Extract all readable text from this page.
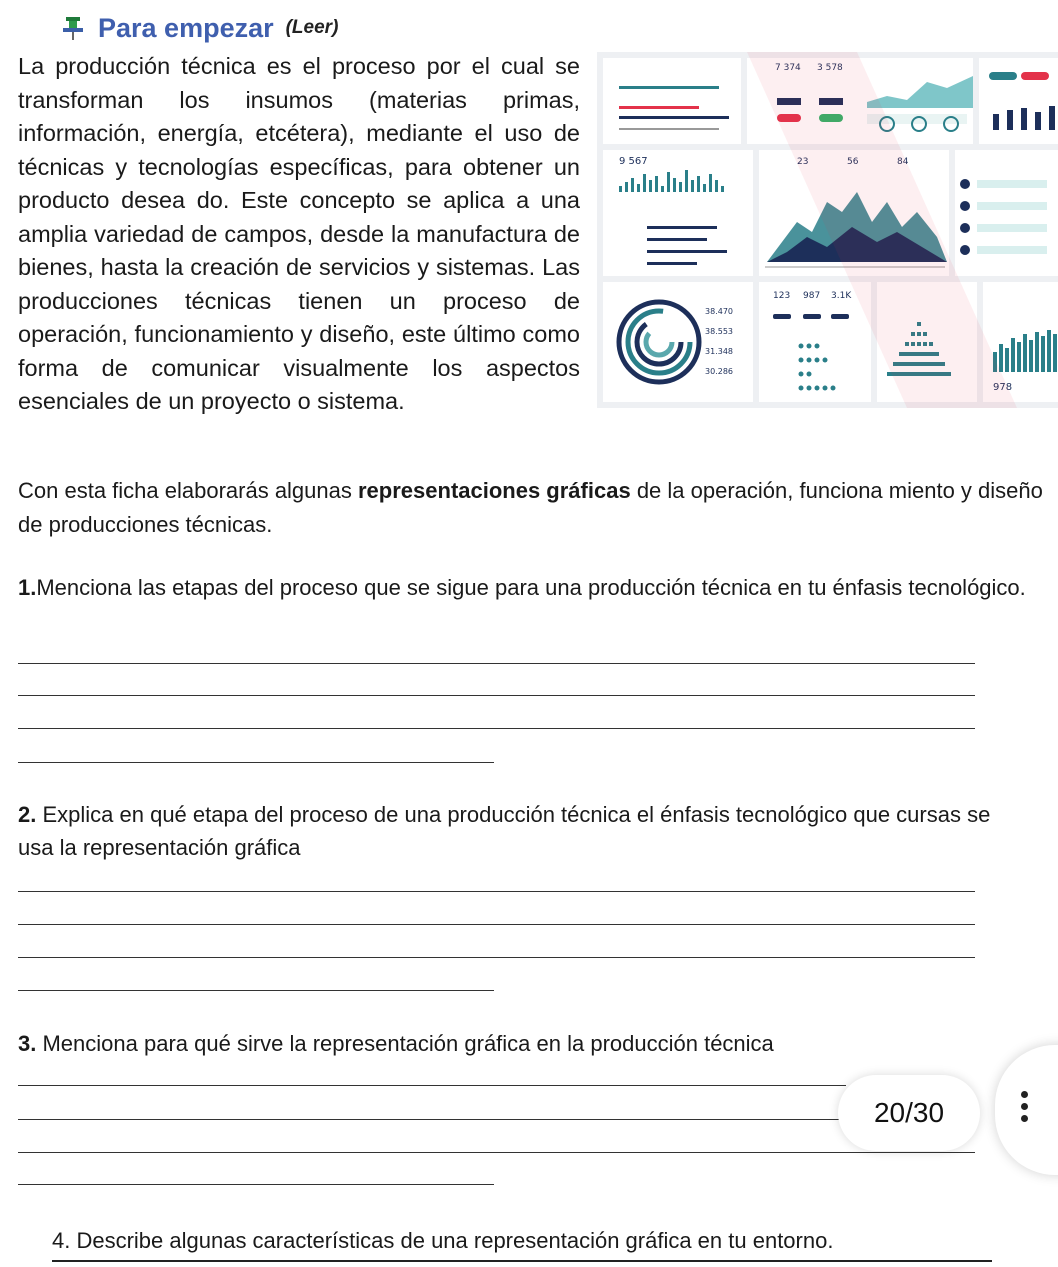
Para empezar (Leer)
La producción técnica es el proceso por el cual se transforman los insumos (materias primas, información, energía, etcétera), mediante el uso de técnicas y tecnologías específicas, para obtener un producto desea do. Este concepto se aplica a una amplia variedad de campos, desde la manufactura de bienes, hasta la creación de servicios y sistemas. Las producciones técnicas tienen un proceso de operación, funcionamiento y diseño, este último como forma de comunicar visualmente los aspectos esenciales de un proyecto o sistema.
7 374 3 578
9 567	23	56	84
38.470
38.553
31.348
30.286
123 987 3.1K
978
Con esta ficha elaborarás algunas representaciones gráficas de la operación, funciona miento y diseño de producciones técnicas.
1.Menciona las etapas del proceso que se sigue para una producción técnica en tu énfasis tecnológico.
2. Explica en qué etapa del proceso de una producción técnica el énfasis tecnológico que cursas se usa la representación gráfica
3. Menciona para qué sirve la representación gráfica en la producción técnica
4. Describe algunas características de una representación gráfica en tu entorno.
20/30
